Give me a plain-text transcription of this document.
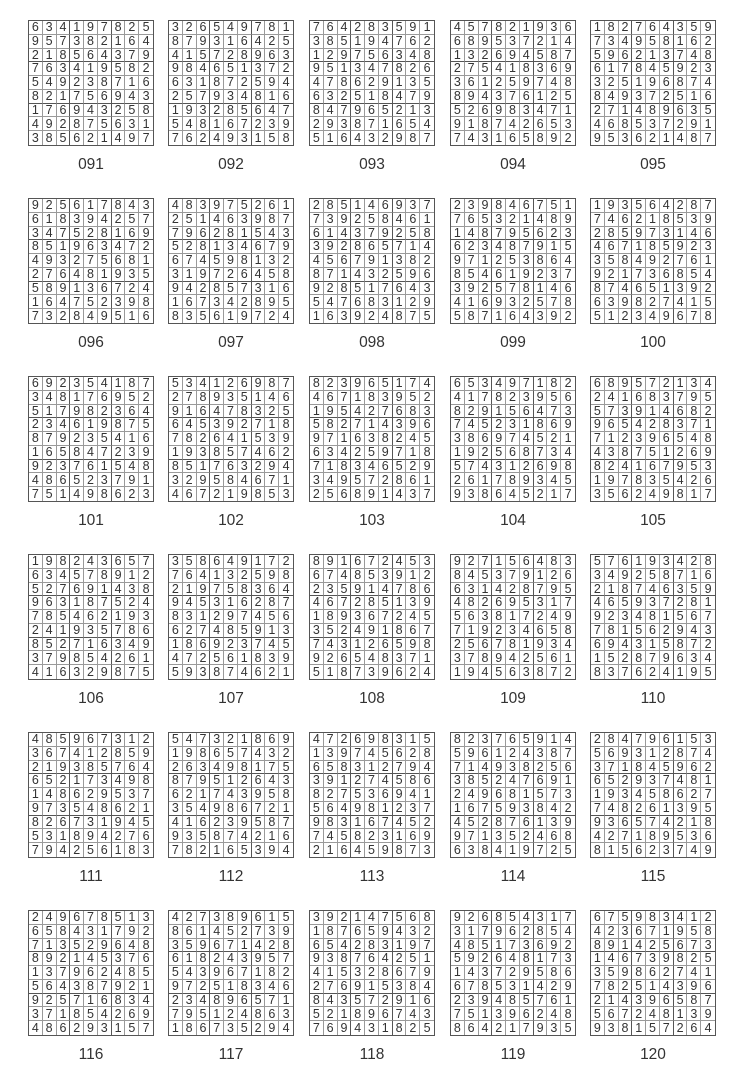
6 3 4 1 9 7 8 2 5
9 5 7 3 8 2 1 6 4
2 1 8 5 6 4 3 7 9
7 6 3 4 1 9 5 8 2
5 4 9 2 3 8 7 1 6
8 2 1 7 5 6 9 4 3
1 7 6 9 4 3 2 5 8
4 9 2 8 7 5 6 3 1
3 8 5 6 2 1 4 9 7
091
3 2 6 5 4 9 7 8 1
8 7 9 3 1 6 4 2 5
4 1 5 7 2 8 9 6 3
9 8 4 6 5 1 3 7 2
6 3 1 8 7 2 5 9 4
2 5 7 9 3 4 8 1 6
1 9 3 2 8 5 6 4 7
5 4 8 1 6 7 2 3 9
7 6 2 4 9 3 1 5 8
092
7 6 4 2 8 3 5 9 1
3 8 5 1 9 4 7 6 2
1 2 9 7 5 6 3 4 8
9 5 1 3 4 7 8 2 6
4 7 8 6 2 9 1 3 5
6 3 2 5 1 8 4 7 9
8 4 7 9 6 5 2 1 3
2 9 3 8 7 1 6 5 4
5 1 6 4 3 2 9 8 7
093
4 5 7 8 2 1 9 3 6
6 8 9 5 3 7 2 1 4
1 3 2 6 9 4 5 8 7
2 7 5 4 1 8 3 6 9
3 6 1 2 5 9 7 4 8
8 9 4 3 7 6 1 2 5
5 2 6 9 8 3 4 7 1
9 1 8 7 4 2 6 5 3
7 4 3 1 6 5 8 9 2
094
1 8 2 7 6 4 3 5 9
7 3 4 9 5 8 1 6 2
5 9 6 2 1 3 7 4 8
6 1 7 8 4 5 9 2 3
3 2 5 1 9 6 8 7 4
8 4 9 3 7 2 5 1 6
2 7 1 4 8 9 6 3 5
4 6 8 5 3 7 2 9 1
9 5 3 6 2 1 4 8 7
095
9 2 5 6 1 7 8 4 3
6 1 8 3 9 4 2 5 7
3 4 7 5 2 8 1 6 9
8 5 1 9 6 3 4 7 2
4 9 3 2 7 5 6 8 1
2 7 6 4 8 1 9 3 5
5 8 9 1 3 6 7 2 4
1 6 4 7 5 2 3 9 8
7 3 2 8 4 9 5 1 6
096
4 8 3 9 7 5 2 6 1
2 5 1 4 6 3 9 8 7
7 9 6 2 8 1 5 4 3
5 2 8 1 3 4 6 7 9
6 7 4 5 9 8 1 3 2
3 1 9 7 2 6 4 5 8
9 4 2 8 5 7 3 1 6
1 6 7 3 4 2 8 9 5
8 3 5 6 1 9 7 2 4
097
2 8 5 1 4 6 9 3 7
7 3 9 2 5 8 4 6 1
6 1 4 3 7 9 2 5 8
3 9 2 8 6 5 7 1 4
4 5 6 7 9 1 3 8 2
8 7 1 4 3 2 5 9 6
9 2 8 5 1 7 6 4 3
5 4 7 6 8 3 1 2 9
1 6 3 9 2 4 8 7 5
098
2 3 9 8 4 6 7 5 1
7 6 5 3 2 1 4 8 9
1 4 8 7 9 5 6 2 3
6 2 3 4 8 7 9 1 5
9 7 1 2 5 3 8 6 4
8 5 4 6 1 9 2 3 7
3 9 2 5 7 8 1 4 6
4 1 6 9 3 2 5 7 8
5 8 7 1 6 4 3 9 2
099
1 9 3 5 6 4 2 8 7
7 4 6 2 1 8 5 3 9
2 8 5 9 7 3 1 4 6
4 6 7 1 8 5 9 2 3
3 5 8 4 9 2 7 6 1
9 2 1 7 3 6 8 5 4
8 7 4 6 5 1 3 9 2
6 3 9 8 2 7 4 1 5
5 1 2 3 4 9 6 7 8
100
6 9 2 3 5 4 1 8 7
3 4 8 1 7 6 9 5 2
5 1 7 9 8 2 3 6 4
2 3 4 6 1 9 8 7 5
8 7 9 2 3 5 4 1 6
1 6 5 8 4 7 2 3 9
9 2 3 7 6 1 5 4 8
4 8 6 5 2 3 7 9 1
7 5 1 4 9 8 6 2 3
101
5 3 4 1 2 6 9 8 7
2 7 8 9 3 5 1 4 6
9 1 6 4 7 8 3 2 5
6 4 5 3 9 2 7 1 8
7 8 2 6 4 1 5 3 9
1 9 3 8 5 7 4 6 2
8 5 1 7 6 3 2 9 4
3 2 9 5 8 4 6 7 1
4 6 7 2 1 9 8 5 3
102
8 2 3 9 6 5 1 7 4
4 6 7 1 8 3 9 5 2
1 9 5 4 2 7 6 8 3
5 8 2 7 1 4 3 9 6
9 7 1 6 3 8 2 4 5
6 3 4 2 5 9 7 1 8
7 1 8 3 4 6 5 2 9
3 4 9 5 7 2 8 6 1
2 5 6 8 9 1 4 3 7
103
6 5 3 4 9 7 1 8 2
4 1 7 8 2 3 9 5 6
8 2 9 1 5 6 4 7 3
7 4 5 2 3 1 8 6 9
3 8 6 9 7 4 5 2 1
1 9 2 5 6 8 7 3 4
5 7 4 3 1 2 6 9 8
2 6 1 7 8 9 3 4 5
9 3 8 6 4 5 2 1 7
104
6 8 9 5 7 2 1 3 4
2 4 1 6 8 3 7 9 5
5 7 3 9 1 4 6 8 2
9 6 5 4 2 8 3 7 1
7 1 2 3 9 6 5 4 8
4 3 8 7 5 1 2 6 9
8 2 4 1 6 7 9 5 3
1 9 7 8 3 5 4 2 6
3 5 6 2 4 9 8 1 7
105
1 9 8 2 4 3 6 5 7
6 3 4 5 7 8 9 1 2
5 2 7 6 9 1 4 3 8
9 6 3 1 8 7 5 2 4
7 8 5 4 6 2 1 9 3
2 4 1 9 3 5 7 8 6
8 5 2 7 1 6 3 4 9
3 7 9 8 5 4 2 6 1
4 1 6 3 2 9 8 7 5
106
3 5 8 6 4 9 1 7 2
7 6 4 1 3 2 5 9 8
2 1 9 7 5 8 3 6 4
9 4 5 3 1 6 2 8 7
8 3 1 2 9 7 4 5 6
6 2 7 4 8 5 9 1 3
1 8 6 9 2 3 7 4 5
4 7 2 5 6 1 8 3 9
5 9 3 8 7 4 6 2 1
107
8 9 1 6 7 2 4 5 3
6 7 4 8 5 3 9 1 2
2 3 5 9 1 4 7 8 6
4 6 7 2 8 5 1 3 9
1 8 9 3 6 7 2 4 5
3 5 2 4 9 1 8 6 7
7 4 3 1 2 6 5 9 8
9 2 6 5 4 8 3 7 1
5 1 8 7 3 9 6 2 4
108
9 2 7 1 5 6 4 8 3
8 4 5 3 7 9 1 2 6
6 3 1 4 2 8 7 9 5
4 8 2 6 9 5 3 1 7
5 6 3 8 1 7 2 4 9
7 1 9 2 3 4 6 5 8
2 5 6 7 8 1 9 3 4
3 7 8 9 4 2 5 6 1
1 9 4 5 6 3 8 7 2
109
5 7 6 1 9 3 4 2 8
3 4 9 2 5 8 7 1 6
2 1 8 7 4 6 3 5 9
4 6 5 9 3 7 2 8 1
9 2 3 4 8 1 5 6 7
7 8 1 5 6 2 9 4 3
6 9 4 3 1 5 8 7 2
1 5 2 8 7 9 6 3 4
8 3 7 6 2 4 1 9 5
110
4 8 5 9 6 7 3 1 2
3 6 7 4 1 2 8 5 9
2 1 9 3 8 5 7 6 4
6 5 2 1 7 3 4 9 8
1 4 8 6 2 9 5 3 7
9 7 3 5 4 8 6 2 1
8 2 6 7 3 1 9 4 5
5 3 1 8 9 4 2 7 6
7 9 4 2 5 6 1 8 3
111
5 4 7 3 2 1 8 6 9
1 9 8 6 5 7 4 3 2
2 6 3 4 9 8 1 7 5
8 7 9 5 1 2 6 4 3
6 2 1 7 4 3 9 5 8
3 5 4 9 8 6 7 2 1
4 1 6 2 3 9 5 8 7
9 3 5 8 7 4 2 1 6
7 8 2 1 6 5 3 9 4
112
4 7 2 6 9 8 3 1 5
1 3 9 7 4 5 6 2 8
6 5 8 3 1 2 7 9 4
3 9 1 2 7 4 5 8 6
8 2 7 5 3 6 9 4 1
5 6 4 9 8 1 2 3 7
9 8 3 1 6 7 4 5 2
7 4 5 8 2 3 1 6 9
2 1 6 4 5 9 8 7 3
113
8 2 3 7 6 5 9 1 4
5 9 6 1 2 4 3 8 7
7 1 4 9 3 8 2 5 6
3 8 5 2 4 7 6 9 1
2 4 9 6 8 1 5 7 3
1 6 7 5 9 3 8 4 2
4 5 2 8 7 6 1 3 9
9 7 1 3 5 2 4 6 8
6 3 8 4 1 9 7 2 5
114
2 8 4 7 9 6 1 5 3
5 6 9 3 1 2 8 7 4
3 7 1 8 4 5 9 6 2
6 5 2 9 3 7 4 8 1
1 9 3 4 5 8 6 2 7
7 4 8 2 6 1 3 9 5
9 3 6 5 7 4 2 1 8
4 2 7 1 8 9 5 3 6
8 1 5 6 2 3 7 4 9
115
2 4 9 6 7 8 5 1 3
6 5 8 4 3 1 7 9 2
7 1 3 5 2 9 6 4 8
8 9 2 1 4 5 3 7 6
1 3 7 9 6 2 4 8 5
5 6 4 3 8 7 9 2 1
9 2 5 7 1 6 8 3 4
3 7 1 8 5 4 2 6 9
4 8 6 2 9 3 1 5 7
116
4 2 7 3 8 9 6 1 5
8 6 1 4 5 2 7 3 9
3 5 9 6 7 1 4 2 8
6 1 8 2 4 3 9 5 7
5 4 3 9 6 7 1 8 2
9 7 2 5 1 8 3 4 6
2 3 4 8 9 6 5 7 1
7 9 5 1 2 4 8 6 3
1 8 6 7 3 5 2 9 4
117
3 9 2 1 4 7 5 6 8
1 8 7 6 5 9 4 3 2
6 5 4 2 8 3 1 9 7
9 3 8 7 6 4 2 5 1
4 1 5 3 2 8 6 7 9
2 7 6 9 1 5 3 8 4
8 4 3 5 7 2 9 1 6
5 2 1 8 9 6 7 4 3
7 6 9 4 3 1 8 2 5
118
9 2 6 8 5 4 3 1 7
3 1 7 9 6 2 8 5 4
4 8 5 1 7 3 6 9 2
5 9 2 6 4 8 1 7 3
1 4 3 7 2 9 5 8 6
6 7 8 5 3 1 4 2 9
2 3 9 4 8 5 7 6 1
7 5 1 3 9 6 2 4 8
8 6 4 2 1 7 9 3 5
119
6 7 5 9 8 3 4 1 2
4 2 3 6 7 1 9 5 8
8 9 1 4 2 5 6 7 3
1 4 6 7 3 9 8 2 5
3 5 9 8 6 2 7 4 1
7 8 2 5 1 4 3 9 6
2 1 4 3 9 6 5 8 7
5 6 7 2 4 8 1 3 9
9 3 8 1 5 7 2 6 4
120
